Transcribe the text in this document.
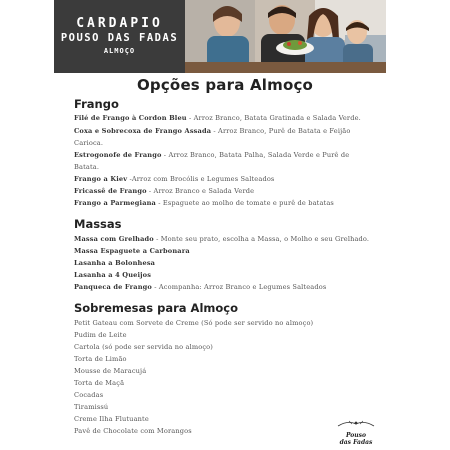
CARDAPIO
POUSO DAS FADAS
ALMOÇO
Opções para Almoço
Frango
Filé de Frango à Cordon Bleu - Arroz Branco, Batata Gratinada e Salada Verde.
Coxa e Sobrecoxa de Frango Assada - Arroz Branco, Purê de Batata e Feijão
Carioca.
Estrogonofe de Frango - Arroz Branco, Batata Palha, Salada Verde e Purê de
Batata.
Frango a Kiev -Arroz com Brocólis e Legumes Salteados
Fricassê de Frango - Arroz Branco e Salada Verde
Frango a Parmegiana - Espaguete ao molho de tomate e purê de batatas
Massas
Massa com Grelhado - Monte seu prato, escolha a Massa, o Molho e seu Grelhado.
Massa Espaguete a Carbonara
Lasanha a Bolonhesa
Lasanha a 4 Queijos
Panqueca de Frango - Acompanha: Arroz Branco e Legumes Salteados
Sobremesas para Almoço
Petit Gateau com Sorvete de Creme (Só pode ser servido no almoço)
Pudim de Leite
Cartola (só pode ser servida no almoço)
Torta de Limão
Mousse de Maracujá
Torta de Maçã
Cocadas
Tiramissú
Creme Ilha Flutuante
Pavê de Chocolate com Morangos
Pouso
das Fadas
